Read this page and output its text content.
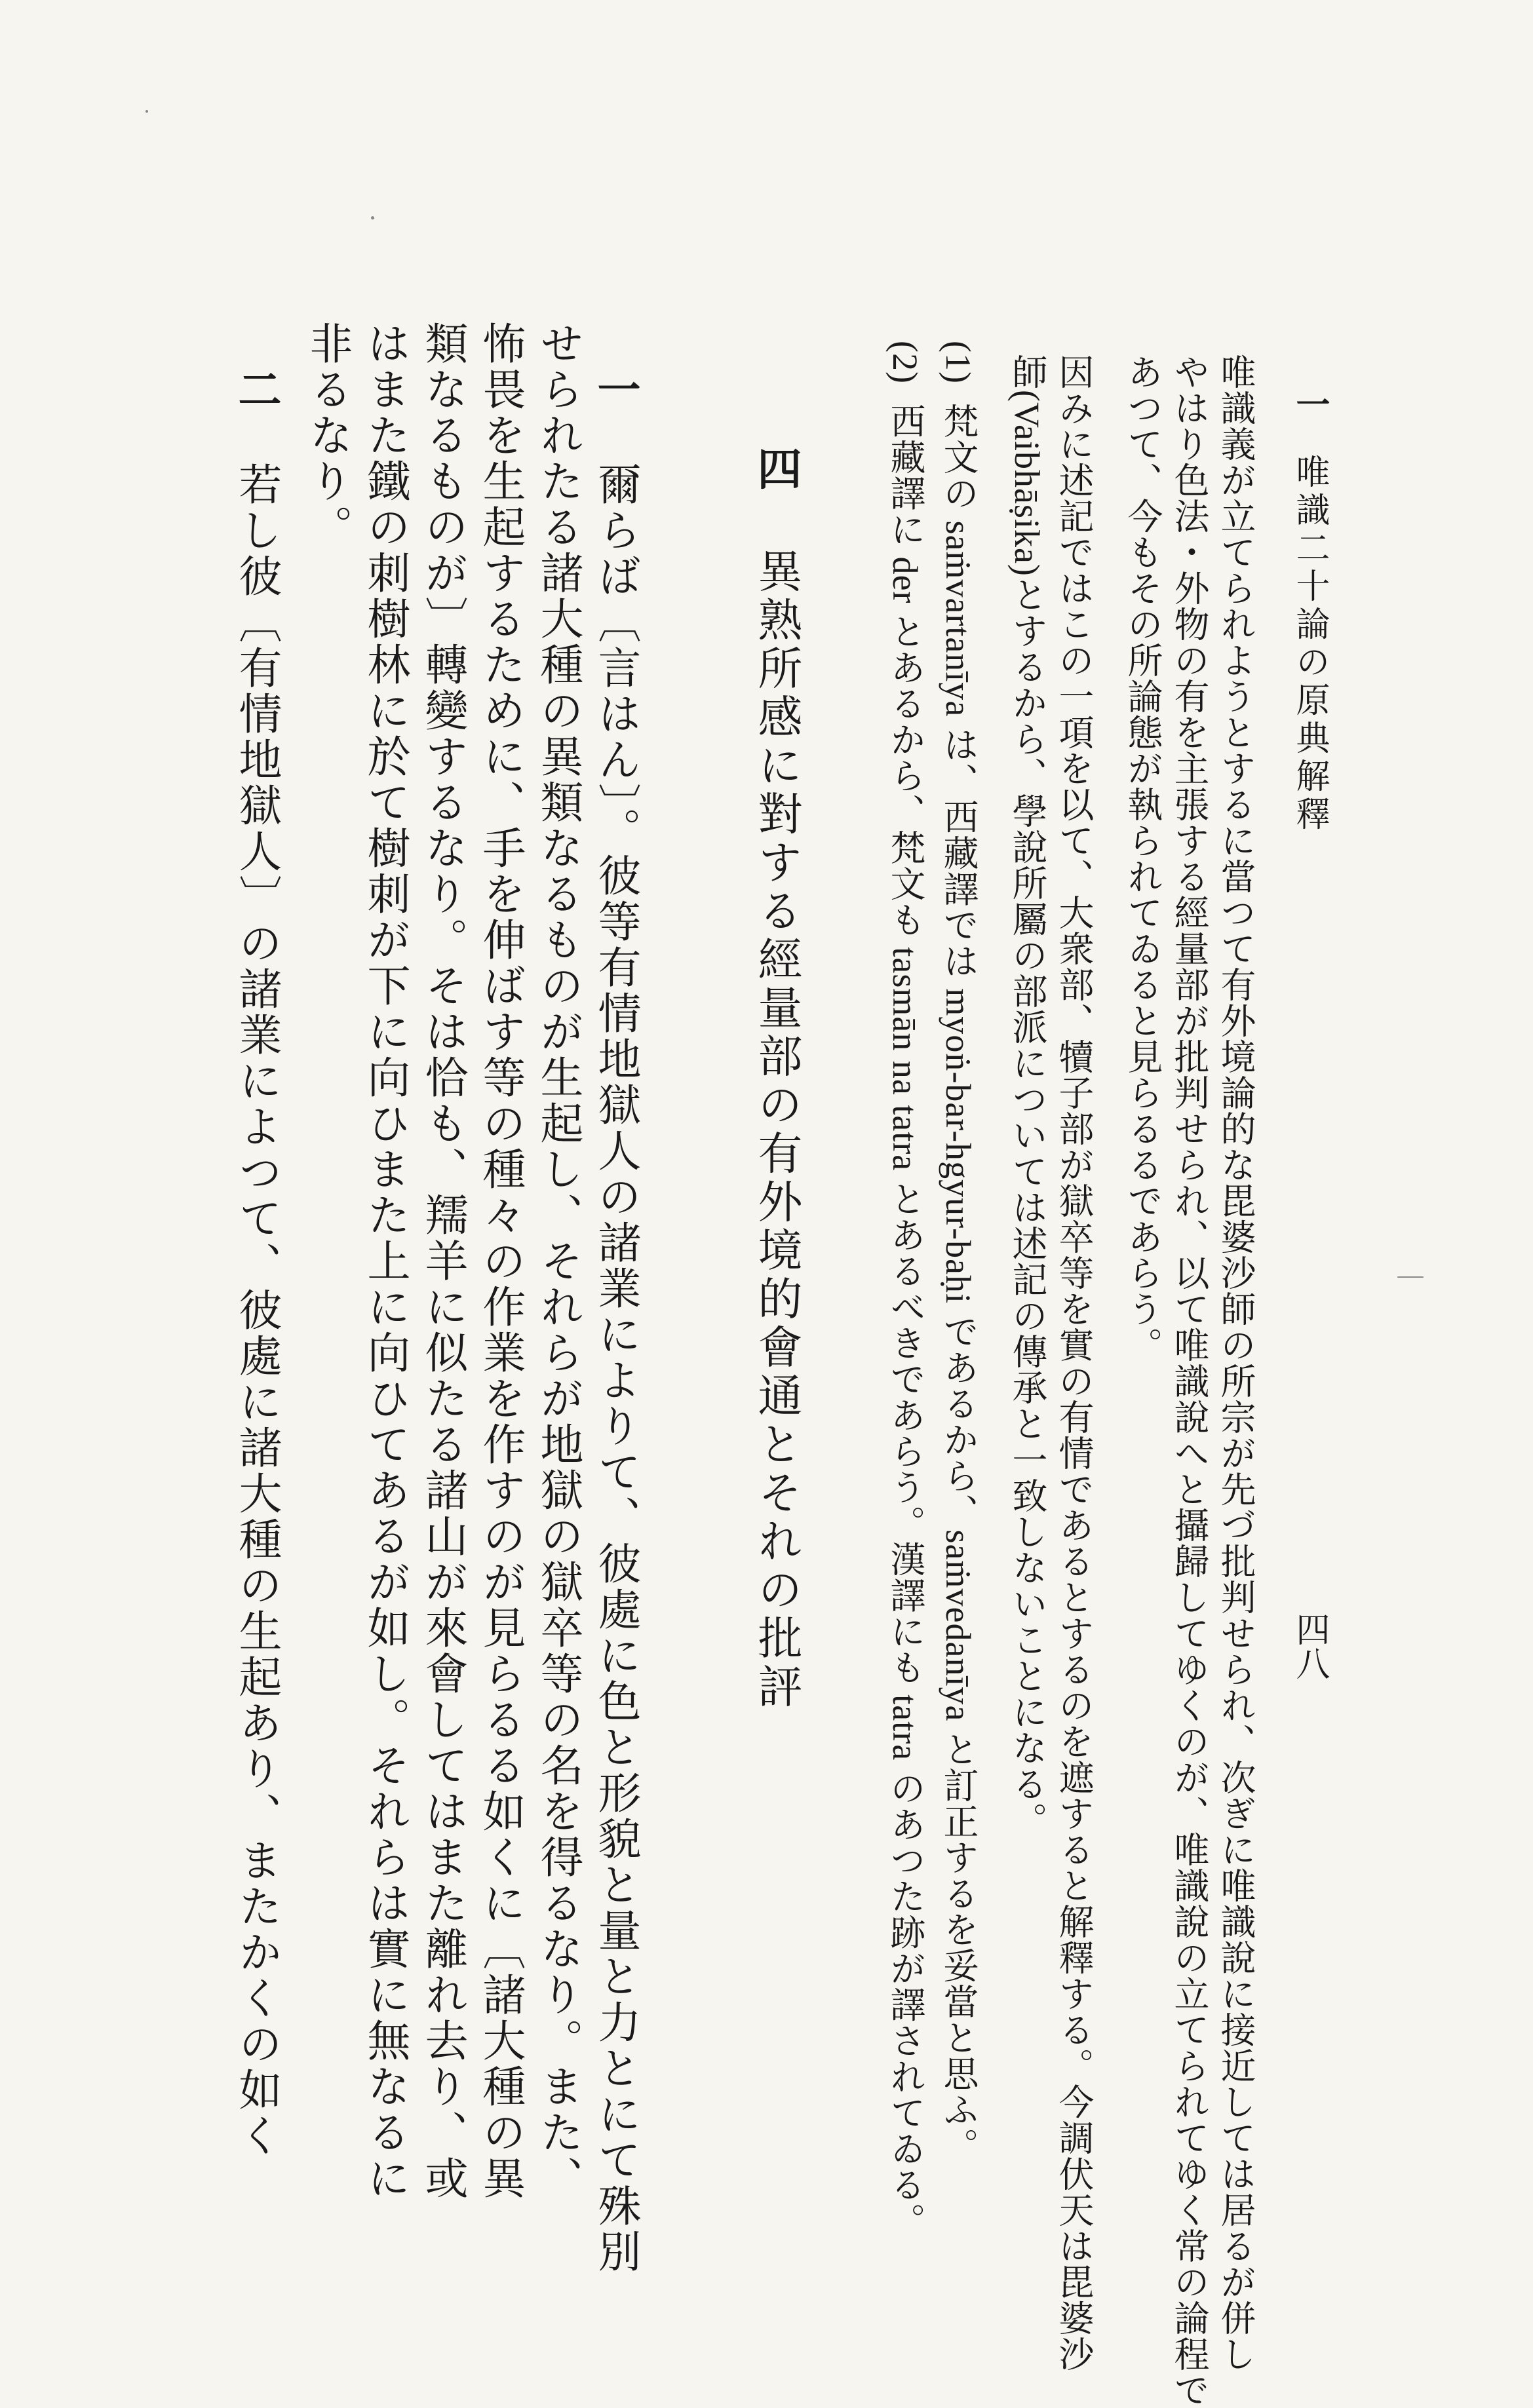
一  唯識二十論の原典解釋
四八
唯識義が立てられようとするに當つて有外境論的な毘婆沙師の所宗が先づ批判せられ、次ぎに唯識說に接近しては居るが併し
やはり色法・外物の有を主張する經量部が批判せられ、以て唯識說へと攝歸してゆくのが、唯識說の立てられてゆく常の論程で
あつて、今もその所論態が執られてゐると見らるるであらう。
因みに述記ではこの一項を以て、大衆部、犢子部が獄卒等を實の有情であるとするのを遮すると解釋する。今調伏天は毘婆沙
師(Vaibhāṣika)とするから、學說所屬の部派については述記の傳承と一致しないことになる。
(1)  梵文の saṁvartanīya は、西藏譯では myoṅ-bar-hgyur-baḥi であるから、saṁvedanīya と訂正するを妥當と思ふ。
(2)  西藏譯に der とあるから、梵文も tasmān na tatra とあるべきであらう。漢譯にも tatra のあつた跡が譯されてゐる。
四   異熟所感に對する經量部の有外境的會通とそれの批評
一   爾らば〔言はん〕。彼等有情地獄人の諸業によりて、彼處に色と形貌と量と力とにて殊別
せられたる諸大種の異類なるものが生起し、それらが地獄の獄卒等の名を得るなり。また、
怖畏を生起するために、手を伸ばす等の種々の作業を作すのが見らるる如くに〔諸大種の異
類なるものが〕轉變するなり。そは恰も、羺羊に似たる諸山が來會してはまた離れ去り、或
はまた鐵の刺樹林に於て樹刺が下に向ひまた上に向ひてあるが如し。それらは實に無なるに
非るなり。
二   若し彼〔有情地獄人〕の諸業によつて、彼處に諸大種の生起あり、またかくの如く
